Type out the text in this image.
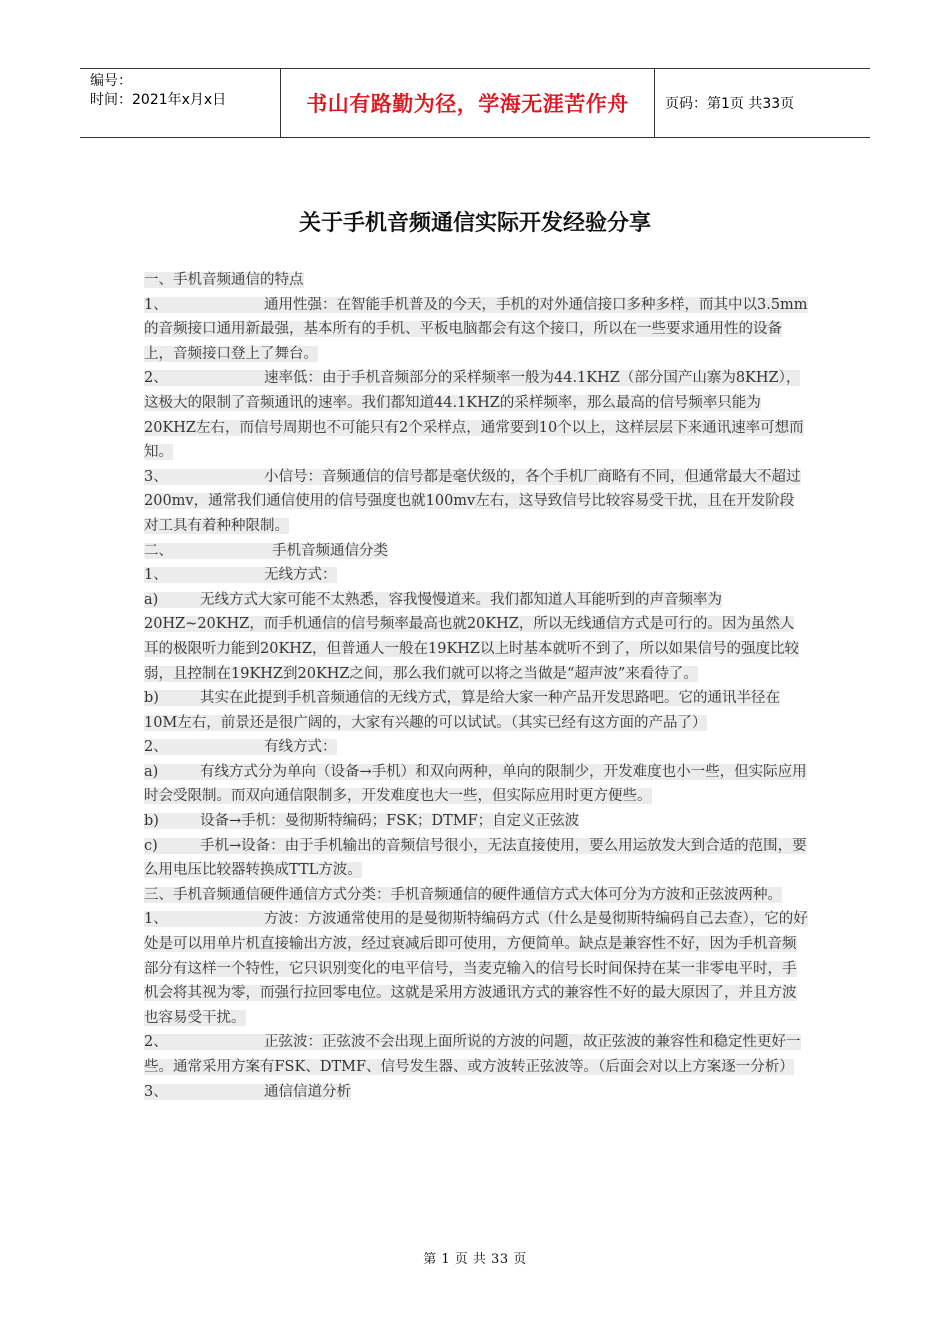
编号：
时间：2021年x月x日	书山有路勤为径，学海无涯苦作舟	页码：第1页 共33页
关于手机音频通信实际开发经验分享

一、手机音频通信的特点

1、	通用性强：在智能手机普及的今天，手机的对外通信接口多种多样，而其中以3.5mm的音频接口通用新最强，基本所有的手机、平板电脑都会有这个接口，所以在一些要求通用性的设备上，音频接口登上了舞台。

2、	速率低：由于手机音频部分的采样频率一般为44.1KHZ（部分国产山寨为8KHZ），这极大的限制了音频通讯的速率。我们都知道44.1KHZ的采样频率，那么最高的信号频率只能为20KHZ左右，而信号周期也不可能只有2个采样点，通常要到10个以上，这样层层下来通讯速率可想而知。

3、	小信号：音频通信的信号都是毫伏级的，各个手机厂商略有不同，但通常最大不超过200mv，通常我们通信使用的信号强度也就100mv左右，这导致信号比较容易受干扰，且在开发阶段对工具有着种种限制。

二、	手机音频通信分类

1、	无线方式：

a)	无线方式大家可能不太熟悉，容我慢慢道来。我们都知道人耳能听到的声音频率为20HZ~20KHZ，而手机通信的信号频率最高也就20KHZ，所以无线通信方式是可行的。因为虽然人耳的极限听力能到20KHZ，但普通人一般在19KHZ以上时基本就听不到了，所以如果信号的强度比较弱，且控制在19KHZ到20KHZ之间，那么我们就可以将之当做是“超声波”来看待了。

b)	其实在此提到手机音频通信的无线方式，算是给大家一种产品开发思路吧。它的通讯半径在10M左右，前景还是很广阔的，大家有兴趣的可以试试。（其实已经有这方面的产品了）

2、	有线方式：

a)	有线方式分为单向（设备→手机）和双向两种，单向的限制少，开发难度也小一些，但实际应用时会受限制。而双向通信限制多，开发难度也大一些，但实际应用时更方便些。

b)	设备→手机：曼彻斯特编码；FSK；DTMF；自定义正弦波

c)	手机→设备：由于手机输出的音频信号很小，无法直接使用，要么用运放发大到合适的范围，要么用电压比较器转换成TTL方波。

三、手机音频通信硬件通信方式分类：手机音频通信的硬件通信方式大体可分为方波和正弦波两种。

1、	方波：方波通常使用的是曼彻斯特编码方式（什么是曼彻斯特编码自己去查），它的好处是可以用单片机直接输出方波，经过衰减后即可使用，方便简单。缺点是兼容性不好，因为手机音频部分有这样一个特性，它只识别变化的电平信号，当麦克输入的信号长时间保持在某一非零电平时，手机会将其视为零，而强行拉回零电位。这就是采用方波通讯方式的兼容性不好的最大原因了，并且方波也容易受干扰。

2、	正弦波：正弦波不会出现上面所说的方波的问题，故正弦波的兼容性和稳定性更好一些。通常采用方案有FSK、DTMF、信号发生器、或方波转正弦波等。（后面会对以上方案逐一分析）

3、	通信信道分析

第 1 页 共 33 页
